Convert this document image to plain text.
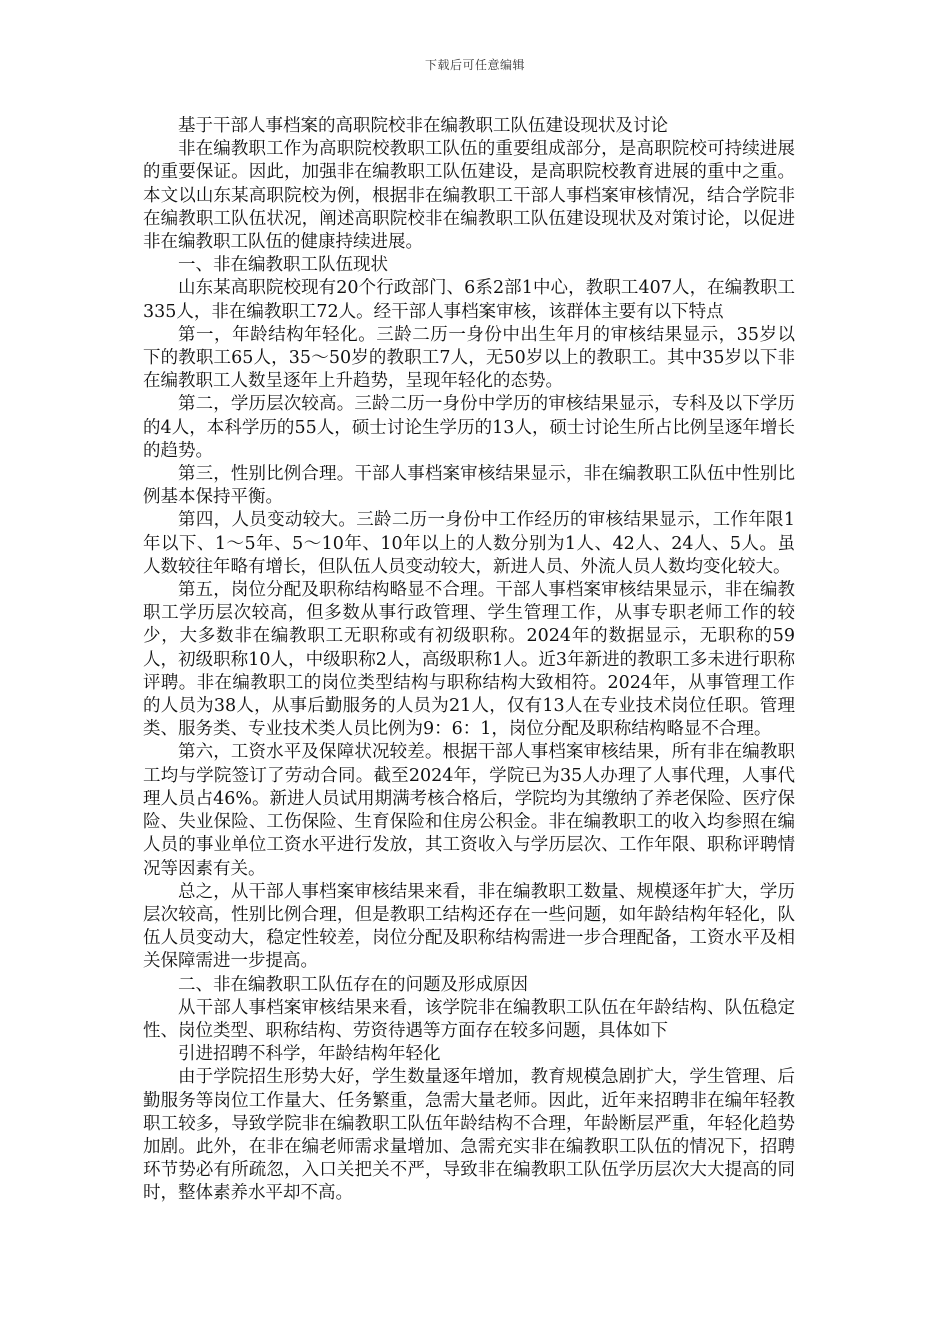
下载后可任意编辑

基于干部人事档案的高职院校非在编教职工队伍建设现状及讨论

非在编教职工作为高职院校教职工队伍的重要组成部分，是高职院校可持续进展的重要保证。因此，加强非在编教职工队伍建设，是高职院校教育进展的重中之重。本文以山东某高职院校为例，根据非在编教职工干部人事档案审核情况，结合学院非在编教职工队伍状况，阐述高职院校非在编教职工队伍建设现状及对策讨论，以促进非在编教职工队伍的健康持续进展。

一、非在编教职工队伍现状

山东某高职院校现有20个行政部门、6系2部1中心，教职工407人，在编教职工335人，非在编教职工72人。经干部人事档案审核，该群体主要有以下特点

第一，年龄结构年轻化。三龄二历一身份中出生年月的审核结果显示，35岁以下的教职工65人，35～50岁的教职工7人，无50岁以上的教职工。其中35岁以下非在编教职工人数呈逐年上升趋势，呈现年轻化的态势。

第二，学历层次较高。三龄二历一身份中学历的审核结果显示，专科及以下学历的4人，本科学历的55人，硕士讨论生学历的13人，硕士讨论生所占比例呈逐年增长的趋势。

第三，性别比例合理。干部人事档案审核结果显示，非在编教职工队伍中性别比例基本保持平衡。

第四，人员变动较大。三龄二历一身份中工作经历的审核结果显示，工作年限1年以下、1～5年、5～10年、10年以上的人数分别为1人、42人、24人、5人。虽人数较往年略有增长，但队伍人员变动较大，新进人员、外流人员人数均变化较大。

第五，岗位分配及职称结构略显不合理。干部人事档案审核结果显示，非在编教职工学历层次较高，但多数从事行政管理、学生管理工作，从事专职老师工作的较少，大多数非在编教职工无职称或有初级职称。2024年的数据显示，无职称的59人，初级职称10人，中级职称2人，高级职称1人。近3年新进的教职工多未进行职称评聘。非在编教职工的岗位类型结构与职称结构大致相符。2024年，从事管理工作的人员为38人，从事后勤服务的人员为21人，仅有13人在专业技术岗位任职。管理类、服务类、专业技术类人员比例为9：6：1，岗位分配及职称结构略显不合理。

第六，工资水平及保障状况较差。根据干部人事档案审核结果，所有非在编教职工均与学院签订了劳动合同。截至2024年，学院已为35人办理了人事代理，人事代理人员占46%。新进人员试用期满考核合格后，学院均为其缴纳了养老保险、医疗保险、失业保险、工伤保险、生育保险和住房公积金。非在编教职工的收入均参照在编人员的事业单位工资水平进行发放，其工资收入与学历层次、工作年限、职称评聘情况等因素有关。

总之，从干部人事档案审核结果来看，非在编教职工数量、规模逐年扩大，学历层次较高，性别比例合理，但是教职工结构还存在一些问题，如年龄结构年轻化，队伍人员变动大，稳定性较差，岗位分配及职称结构需进一步合理配备，工资水平及相关保障需进一步提高。

二、非在编教职工队伍存在的问题及形成原因

从干部人事档案审核结果来看，该学院非在编教职工队伍在年龄结构、队伍稳定性、岗位类型、职称结构、劳资待遇等方面存在较多问题，具体如下

引进招聘不科学，年龄结构年轻化

由于学院招生形势大好，学生数量逐年增加，教育规模急剧扩大，学生管理、后勤服务等岗位工作量大、任务繁重，急需大量老师。因此，近年来招聘非在编年轻教职工较多，导致学院非在编教职工队伍年龄结构不合理，年龄断层严重，年轻化趋势加剧。此外，在非在编老师需求量增加、急需充实非在编教职工队伍的情况下，招聘环节势必有所疏忽，入口关把关不严，导致非在编教职工队伍学历层次大大提高的同时，整体素养水平却不高。
